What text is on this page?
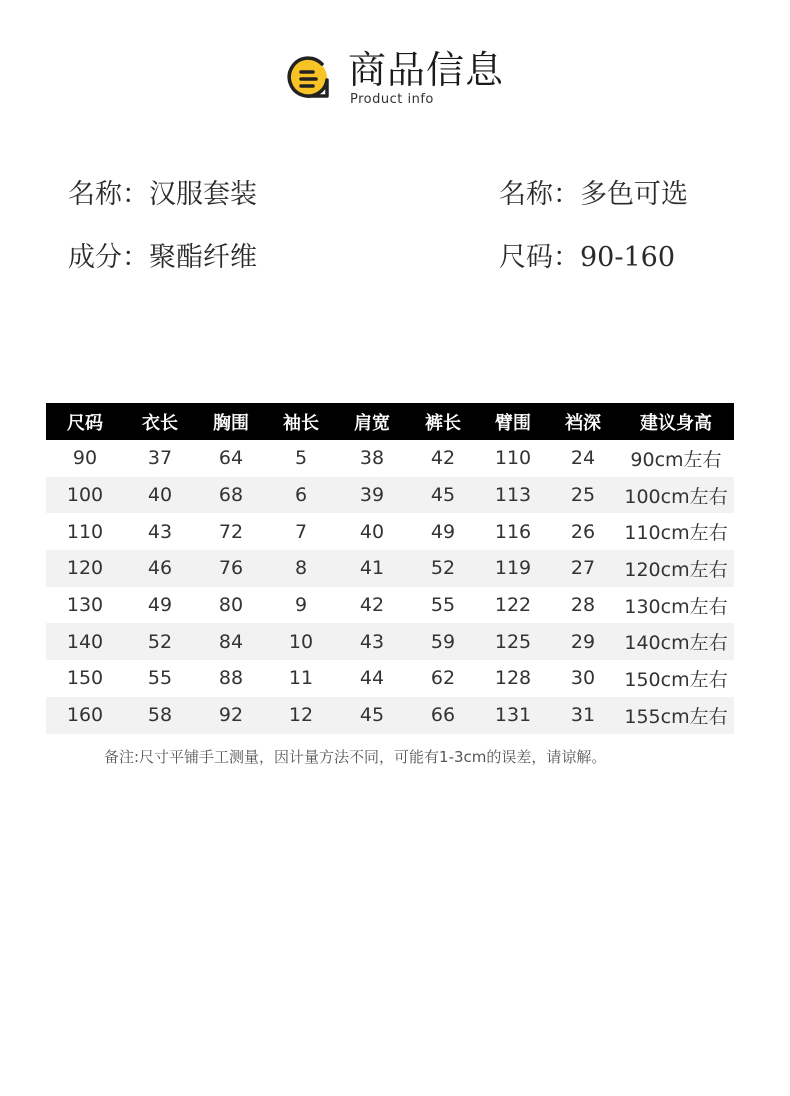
商品信息
Product info
名称：汉服套装	名称：多色可选
成分：聚酯纤维	尺码：90-160
尺码	衣长	胸围	袖长	肩宽	裤长	臂围	裆深	建议身高
90	37	64	5	38	42	110	24	90cm左右
100	40	68	6	39	45	113	25	100cm左右
110	43	72	7	40	49	116	26	110cm左右
120	46	76	8	41	52	119	27	120cm左右
130	49	80	9	42	55	122	28	130cm左右
140	52	84	10	43	59	125	29	140cm左右
150	55	88	11	44	62	128	30	150cm左右
160	58	92	12	45	66	131	31	155cm左右
备注:尺寸平铺手工测量，因计量方法不同，可能有1-3cm的误差，请谅解。
